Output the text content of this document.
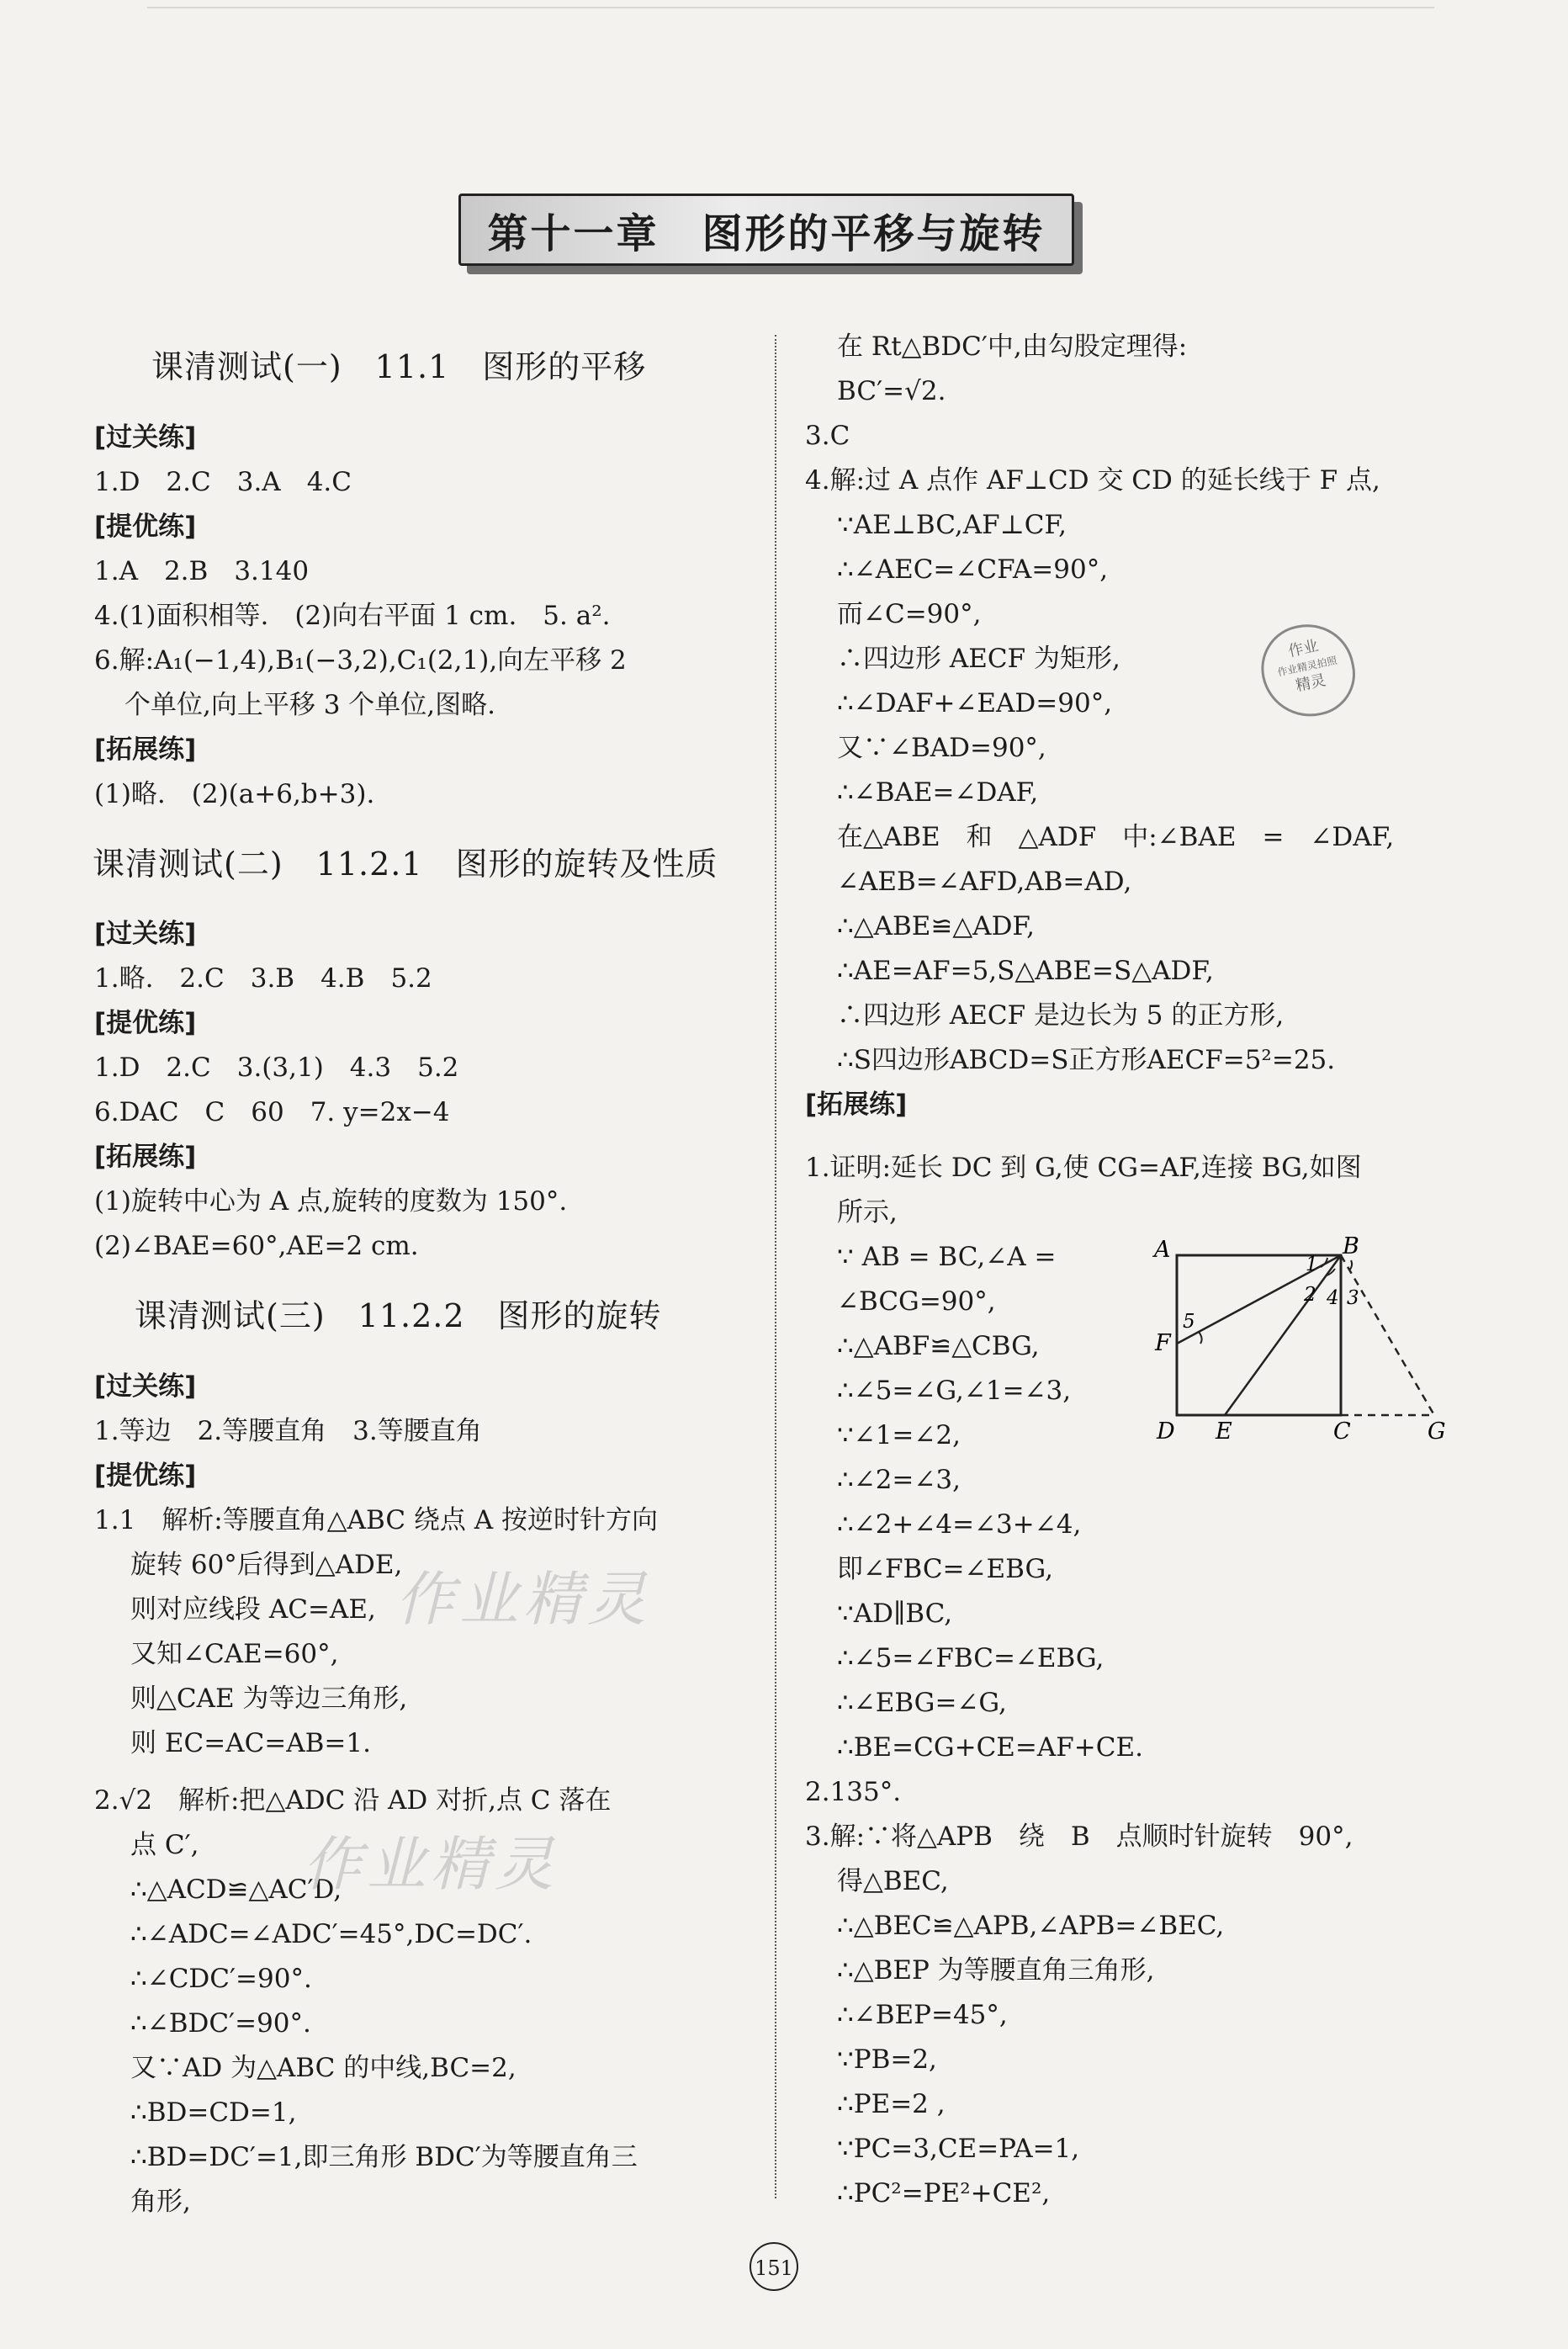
第十一章　图形的平移与旋转
课清测试(一)　11.1　图形的平移
[过关练]
1.D　2.C　3.A　4.C
[提优练]
1.A　2.B　3.140
4.(1)面积相等.　(2)向右平面 1 cm.　5. a².
6.解:A₁(−1,4),B₁(−3,2),C₁(2,1),向左平移 2
个单位,向上平移 3 个单位,图略.
[拓展练]
(1)略.　(2)(a+6,b+3).
课清测试(二)　11.2.1　图形的旋转及性质
[过关练]
1.略.　2.C　3.B　4.B　5.2
[提优练]
1.D　2.C　3.(3,1)　4.3　5.2
6.DAC　C　60　7. y=2x−4
[拓展练]
(1)旋转中心为 A 点,旋转的度数为 150°.
(2)∠BAE=60°,AE=2 cm.
课清测试(三)　11.2.2　图形的旋转
[过关练]
1.等边　2.等腰直角　3.等腰直角
[提优练]
1.1　解析:等腰直角△ABC 绕点 A 按逆时针方向
旋转 60°后得到△ADE,
则对应线段 AC=AE,
又知∠CAE=60°,
则△CAE 为等边三角形,
则 EC=AC=AB=1.
2.√2　解析:把△ADC 沿 AD 对折,点 C 落在
点 C′,
∴△ACD≌△AC′D,
∴∠ADC=∠ADC′=45°,DC=DC′.
∴∠CDC′=90°.
∴∠BDC′=90°.
又∵AD 为△ABC 的中线,BC=2,
∴BD=CD=1,
∴BD=DC′=1,即三角形 BDC′为等腰直角三
角形,
作业精灵
作业精灵
在 Rt△BDC′中,由勾股定理得:
BC′=√2.
3.C
4.解:过 A 点作 AF⊥CD 交 CD 的延长线于 F 点,
∵AE⊥BC,AF⊥CF,
∴∠AEC=∠CFA=90°,
而∠C=90°,
∴四边形 AECF 为矩形,
∴∠DAF+∠EAD=90°,
又∵∠BAD=90°,
∴∠BAE=∠DAF,
在△ABE　和　△ADF　中:∠BAE　=　∠DAF,
∠AEB=∠AFD,AB=AD,
∴△ABE≌△ADF,
∴AE=AF=5,S△ABE=S△ADF,
∴四边形 AECF 是边长为 5 的正方形,
∴S四边形ABCD=S正方形AECF=5²=25.
[拓展练]
1.证明:延长 DC 到 G,使 CG=AF,连接 BG,如图
所示,
∵ AB = BC,∠A =
∠BCG=90°,
∴△ABF≌△CBG,
∴∠5=∠G,∠1=∠3,
∵∠1=∠2,
∴∠2=∠3,
∴∠2+∠4=∠3+∠4,
即∠FBC=∠EBG,
∵AD∥BC,
∴∠5=∠FBC=∠EBG,
∴∠EBG=∠G,
∴BE=CG+CE=AF+CE.
2.135°.
3.解:∵将△APB　绕　B　点顺时针旋转　90°,
得△BEC,
∴△BEC≌△APB,∠APB=∠BEC,
∴△BEP 为等腰直角三角形,
∴∠BEP=45°,
∵PB=2,
∴PE=2 ,
∵PC=3,CE=PA=1,
∴PC²=PE²+CE²,
作业
作业精灵拍照
精灵
A	B
C
D E
F
G
1
2 3
4
5
151
